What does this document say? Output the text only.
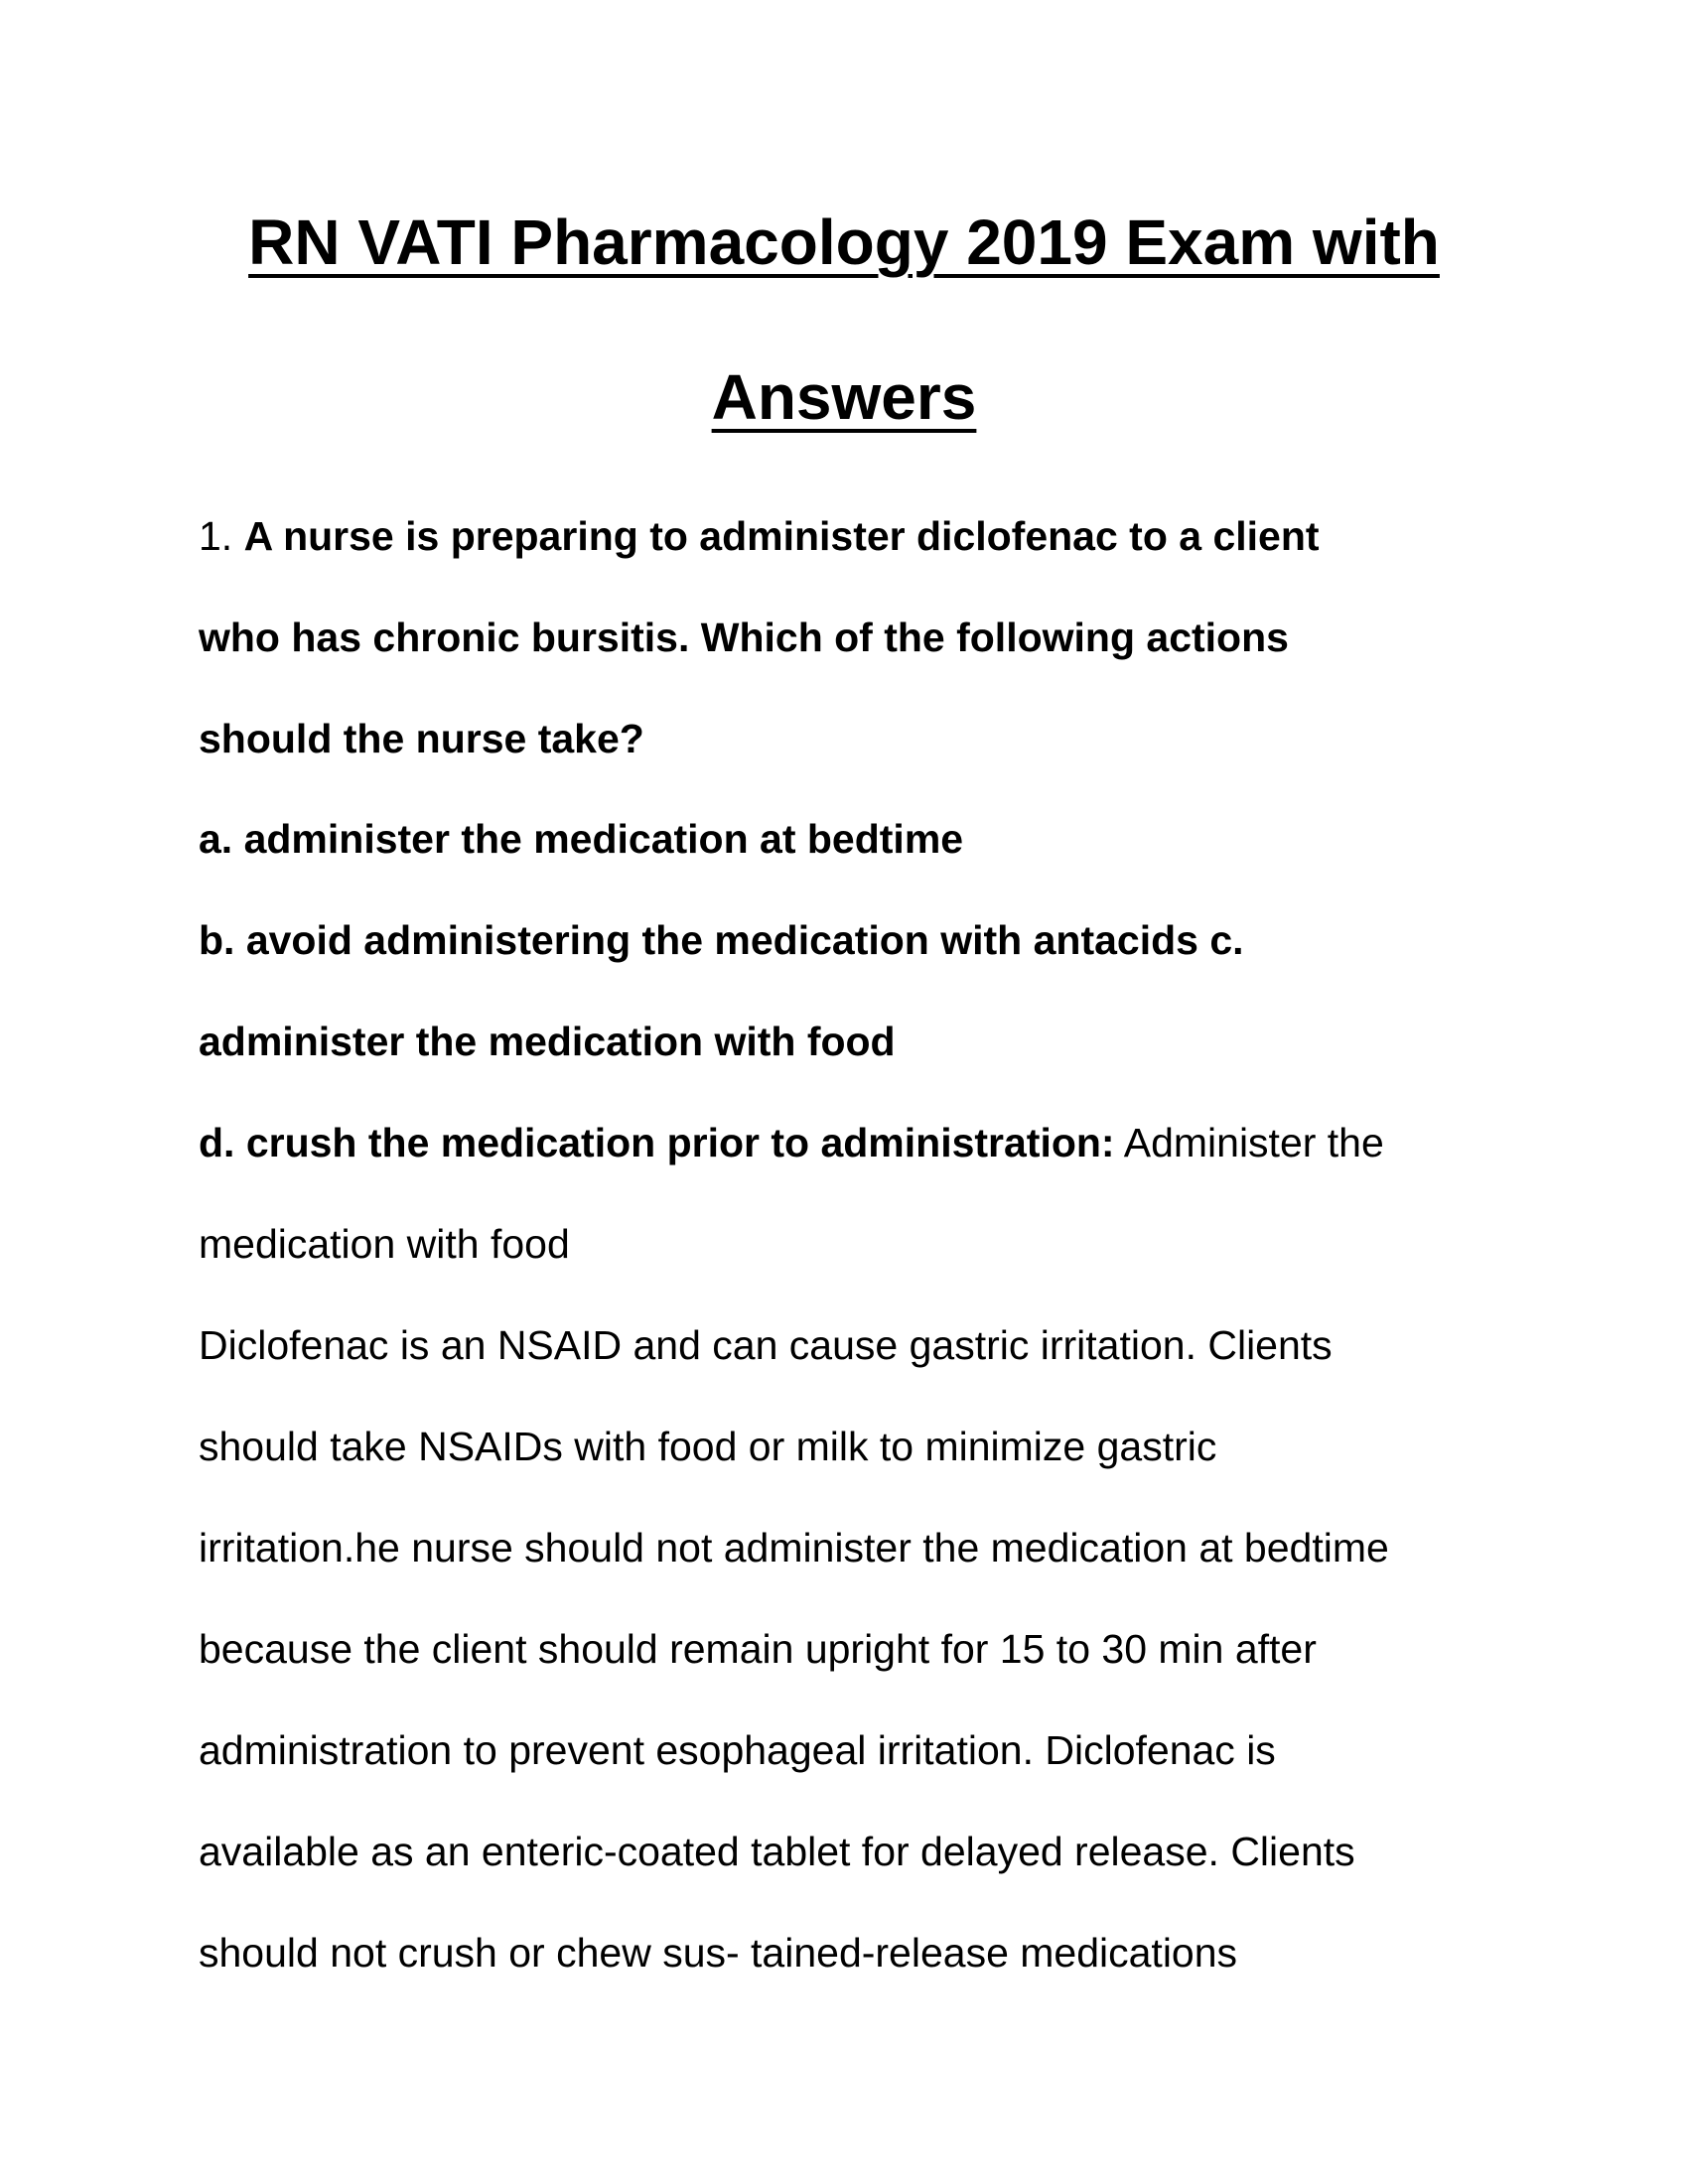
RN VATI Pharmacology 2019 Exam with
Answers
1. A nurse is preparing to administer diclofenac to a client
who has chronic bursitis. Which of the following actions
should the nurse take?
a. administer the medication at bedtime
b. avoid administering the medication with antacids c.
administer the medication with food
d. crush the medication prior to administration: Administer the
medication with food
Diclofenac is an NSAID and can cause gastric irritation. Clients
should take NSAIDs with food or milk to minimize gastric
irritation.he nurse should not administer the medication at bedtime
because the client should remain upright for 15 to 30 min after
administration to prevent esophageal irritation. Diclofenac is
available as an enteric-coated tablet for delayed release. Clients
should not crush or chew sus- tained-release medications
